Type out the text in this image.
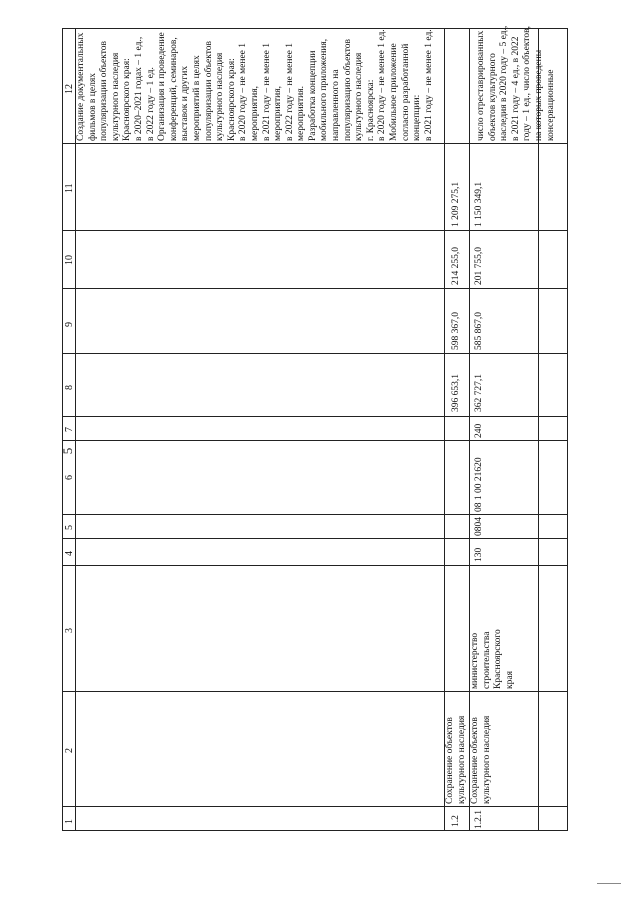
5
12
11
10
9
8
7
6
5
4
3
2
1
Создание документальных фильмов в целях популяризации объектов культурного наследия Красноярского края: в 2020–2021 годах – 1 ед., в 2022 году – 1 ед. Организация и проведение конференций, семинаров, выставок и других мероприятий в целях популяризации объектов культурного наследия Красноярского края: в 2020 году – не менее 1 мероприятия, в 2021 году – не менее 1 мероприятия, в 2022 году – не менее 1 мероприятия. Разработка концепции мобильного приложения, направленного на популяризацию объектов культурного наследия г. Красноярска: в 2020 году – не менее 1 ед. Мобильное приложение согласно разработанной концепции: в 2021 году – не менее 1 ед.
1.2
Сохранение объектов культурного наследия
396 653,1
598 367,0
214 255,0
1 209 275,1
1.2.1
Сохранение объектов культурного наследия
министерство строительства Красноярского края
130
0804
08 1 00 21620
240
362 727,1
585 867,0
201 755,0
1 150 349,1
число отреставрированных объектов культурного наследия в 2020 году – 5 ед., в 2021 году – 4 ед., в 2022 году – 1 ед., число объектов, на которых проведены консервационные
